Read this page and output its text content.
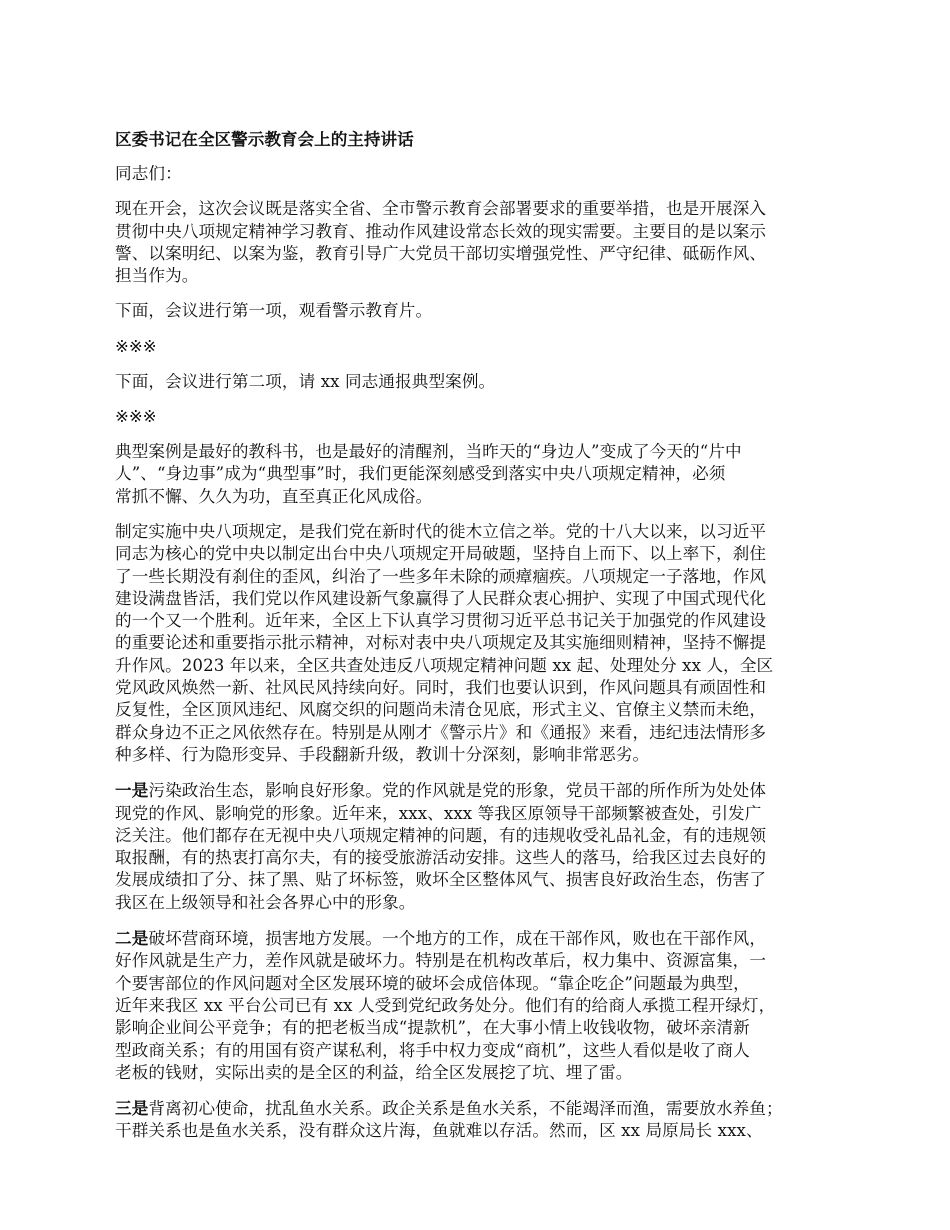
区委书记在全区警示教育会上的主持讲话
同志们：
现在开会，这次会议既是落实全省、全市警示教育会部署要求的重要举措，也是开展深入
贯彻中央八项规定精神学习教育、推动作风建设常态长效的现实需要。主要目的是以案示
警、以案明纪、以案为鉴，教育引导广大党员干部切实增强党性、严守纪律、砥砺作风、
担当作为。
下面，会议进行第一项，观看警示教育片。
※※※
下面，会议进行第二项，请 xx 同志通报典型案例。
※※※
典型案例是最好的教科书，也是最好的清醒剂，当昨天的“身边人”变成了今天的“片中
人”、“身边事”成为“典型事”时，我们更能深刻感受到落实中央八项规定精神，必须
常抓不懈、久久为功，直至真正化风成俗。
制定实施中央八项规定，是我们党在新时代的徙木立信之举。党的十八大以来，以习近平
同志为核心的党中央以制定出台中央八项规定开局破题，坚持自上而下、以上率下，刹住
了一些长期没有刹住的歪风，纠治了一些多年未除的顽瘴痼疾。八项规定一子落地，作风
建设满盘皆活，我们党以作风建设新气象赢得了人民群众衷心拥护、实现了中国式现代化
的一个又一个胜利。近年来，全区上下认真学习贯彻习近平总书记关于加强党的作风建设
的重要论述和重要指示批示精神，对标对表中央八项规定及其实施细则精神，坚持不懈提
升作风。2023 年以来，全区共查处违反八项规定精神问题 xx 起、处理处分 xx 人，全区
党风政风焕然一新、社风民风持续向好。同时，我们也要认识到，作风问题具有顽固性和
反复性，全区顶风违纪、风腐交织的问题尚未清仓见底，形式主义、官僚主义禁而未绝，
群众身边不正之风依然存在。特别是从刚才《警示片》和《通报》来看，违纪违法情形多
种多样、行为隐形变异、手段翻新升级，教训十分深刻，影响非常恶劣。
一是污染政治生态，影响良好形象。党的作风就是党的形象，党员干部的所作所为处处体
现党的作风、影响党的形象。近年来，xxx、xxx 等我区原领导干部频繁被查处，引发广
泛关注。他们都存在无视中央八项规定精神的问题，有的违规收受礼品礼金，有的违规领
取报酬，有的热衷打高尔夫，有的接受旅游活动安排。这些人的落马，给我区过去良好的
发展成绩扣了分、抹了黑、贴了坏标签，败坏全区整体风气、损害良好政治生态，伤害了
我区在上级领导和社会各界心中的形象。
二是破坏营商环境，损害地方发展。一个地方的工作，成在干部作风，败也在干部作风，
好作风就是生产力，差作风就是破坏力。特别是在机构改革后，权力集中、资源富集，一
个要害部位的作风问题对全区发展环境的破坏会成倍体现。“靠企吃企”问题最为典型，
近年来我区 xx 平台公司已有 xx 人受到党纪政务处分。他们有的给商人承揽工程开绿灯，
影响企业间公平竞争；有的把老板当成“提款机”，在大事小情上收钱收物，破坏亲清新
型政商关系；有的用国有资产谋私利，将手中权力变成“商机”，这些人看似是收了商人
老板的钱财，实际出卖的是全区的利益，给全区发展挖了坑、埋了雷。
三是背离初心使命，扰乱鱼水关系。政企关系是鱼水关系，不能竭泽而渔，需要放水养鱼；
干群关系也是鱼水关系，没有群众这片海，鱼就难以存活。然而，区 xx 局原局长 xxx、
